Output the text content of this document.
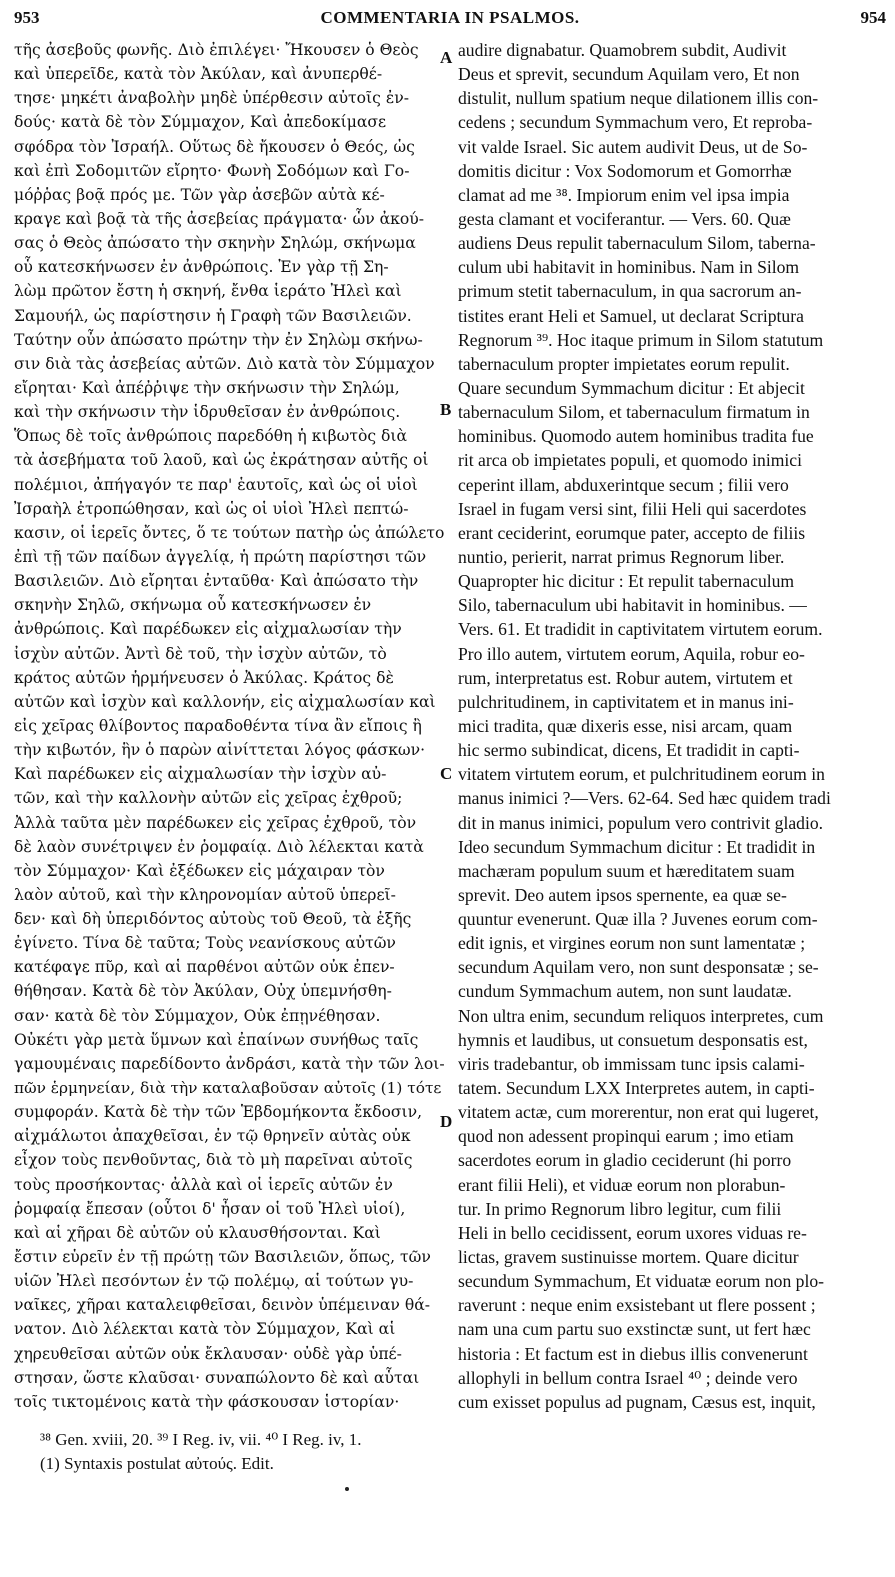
953	COMMENTARIA IN PSALMOS.	954
τῆς ἀσεβοῦς φωνῆς. Διὸ ἐπιλέγει· Ἤκουσεν ὁ Θεὸς
καὶ ὑπερεῖδε, κατὰ τὸν Ἀκύλαν, καὶ ἀνυπερθέ-
τησε· μηκέτι ἀναβολὴν μηδὲ ὑπέρθεσιν αὐτοῖς ἐν-
δούς· κατὰ δὲ τὸν Σύμμαχον, Καὶ ἀπεδοκίμασε
σφόδρα τὸν Ἰσραήλ. Οὕτως δὲ ἤκουσεν ὁ Θεός, ὡς
καὶ ἐπὶ Σοδομιτῶν εἴρητο· Φωνὴ Σοδόμων καὶ Γο-
μόῤῥας βοᾷ πρός με. Τῶν γὰρ ἀσεβῶν αὐτὰ κέ-
κραγε καὶ βοᾷ τὰ τῆς ἀσεβείας πράγματα· ὧν ἀκού-
σας ὁ Θεὸς ἀπώσατο τὴν σκηνὴν Σηλώμ, σκήνωμα
οὗ κατεσκήνωσεν ἐν ἀνθρώποις. Ἐν γὰρ τῇ Ση-
λὼμ πρῶτον ἔστη ἡ σκηνή, ἔνθα ἱεράτο Ἠλεὶ καὶ
Σαμουήλ, ὡς παρίστησιν ἡ Γραφὴ τῶν Βασιλειῶν.
Ταύτην οὖν ἀπώσατο πρώτην τὴν ἐν Σηλὼμ σκήνω-
σιν διὰ τὰς ἀσεβείας αὐτῶν. Διὸ κατὰ τὸν Σύμμαχον
εἴρηται· Καὶ ἀπέῤῥιψε τὴν σκήνωσιν τὴν Σηλώμ,
καὶ τὴν σκήνωσιν τὴν ἱδρυθεῖσαν ἐν ἀνθρώποις.
Ὅπως δὲ τοῖς ἀνθρώποις παρεδόθη ἡ κιβωτὸς διὰ
τὰ ἀσεβήματα τοῦ λαοῦ, καὶ ὡς ἐκράτησαν αὐτῆς οἱ
πολέμιοι, ἀπήγαγόν τε παρ' ἑαυτοῖς, καὶ ὡς οἱ υἱοὶ
Ἰσραὴλ ἐτροπώθησαν, καὶ ὡς οἱ υἱοὶ Ἠλεὶ πεπτώ-
κασιν, οἱ ἱερεῖς ὄντες, ὅ τε τούτων πατὴρ ὡς ἀπώλετο
ἐπὶ τῇ τῶν παίδων ἀγγελίᾳ, ἡ πρώτη παρίστησι τῶν
Βασιλειῶν. Διὸ εἴρηται ἐνταῦθα· Καὶ ἀπώσατο τὴν
σκηνὴν Σηλῶ, σκήνωμα οὗ κατεσκήνωσεν ἐν
ἀνθρώποις. Καὶ παρέδωκεν εἰς αἰχμαλωσίαν τὴν
ἰσχὺν αὐτῶν. Ἀντὶ δὲ τοῦ, τὴν ἰσχὺν αὐτῶν, τὸ
κράτος αὐτῶν ἡρμήνευσεν ὁ Ἀκύλας. Κράτος δὲ
αὐτῶν καὶ ἰσχὺν καὶ καλλονήν, εἰς αἰχμαλωσίαν καὶ
εἰς χεῖρας θλίβοντος παραδοθέντα τίνα ἂν εἴποις ἢ
τὴν κιβωτόν, ἣν ὁ παρὼν αἰνίττεται λόγος φάσκων·
Καὶ παρέδωκεν εἰς αἰχμαλωσίαν τὴν ἰσχὺν αὐ-
τῶν, καὶ τὴν καλλονὴν αὐτῶν εἰς χεῖρας ἐχθροῦ;
Ἀλλὰ ταῦτα μὲν παρέδωκεν εἰς χεῖρας ἐχθροῦ, τὸν
δὲ λαὸν συνέτριψεν ἐν ῥομφαίᾳ. Διὸ λέλεκται κατὰ
τὸν Σύμμαχον· Καὶ ἐξέδωκεν εἰς μάχαιραν τὸν
λαὸν αὐτοῦ, καὶ τὴν κληρονομίαν αὐτοῦ ὑπερεῖ-
δεν· καὶ δὴ ὑπεριδόντος αὐτοὺς τοῦ Θεοῦ, τὰ ἑξῆς
ἐγίνετο. Τίνα δὲ ταῦτα; Τοὺς νεανίσκους αὐτῶν
κατέφαγε πῦρ, καὶ αἱ παρθένοι αὐτῶν οὐκ ἐπεν-
θήθησαν. Κατὰ δὲ τὸν Ἀκύλαν, Οὐχ ὑπεμνήσθη-
σαν· κατὰ δὲ τὸν Σύμμαχον, Οὐκ ἐπῃνέθησαν.
Οὐκέτι γὰρ μετὰ ὕμνων καὶ ἐπαίνων συνήθως ταῖς
γαμουμέναις παρεδίδοντο ἀνδράσι, κατὰ τὴν τῶν λοι-
πῶν ἑρμηνείαν, διὰ τὴν καταλαβοῦσαν αὐτοῖς (1) τότε
συμφοράν. Κατὰ δὲ τὴν τῶν Ἑβδομήκοντα ἔκδοσιν,
αἰχμάλωτοι ἀπαχθεῖσαι, ἐν τῷ θρηνεῖν αὐτὰς οὐκ
εἶχον τοὺς πενθοῦντας, διὰ τὸ μὴ παρεῖναι αὐτοῖς
τοὺς προσήκοντας· ἀλλὰ καὶ οἱ ἱερεῖς αὐτῶν ἐν
ῥομφαίᾳ ἔπεσαν (οὗτοι δ' ἦσαν οἱ τοῦ Ἠλεὶ υἱοί),
καὶ αἱ χῆραι δὲ αὐτῶν οὐ κλαυσθήσονται. Καὶ
ἔστιν εὑρεῖν ἐν τῇ πρώτῃ τῶν Βασιλειῶν, ὅπως, τῶν
υἱῶν Ἠλεὶ πεσόντων ἐν τῷ πολέμῳ, αἱ τούτων γυ-
ναῖκες, χῆραι καταλειφθεῖσαι, δεινὸν ὑπέμειναν θά-
νατον. Διὸ λέλεκται κατὰ τὸν Σύμμαχον, Καὶ αἱ
χηρευθεῖσαι αὐτῶν οὐκ ἔκλαυσαν· οὐδὲ γὰρ ὑπέ-
στησαν, ὥστε κλαῦσαι· συναπώλοντο δὲ καὶ αὗται
τοῖς τικτομένοις κατὰ τὴν φάσκουσαν ἱστορίαν·
audire dignabatur. Quamobrem subdit, Audivit
Deus et sprevit, secundum Aquilam vero, Et non
distulit, nullum spatium neque dilationem illis con-
cedens ; secundum Symmachum vero, Et reproba-
vit valde Israel. Sic autem audivit Deus, ut de So-
domitis dicitur : Vox Sodomorum et Gomorrhæ
clamat ad me ³⁸. Impiorum enim vel ipsa impia
gesta clamant et vociferantur. — Vers. 60. Quæ
audiens Deus repulit tabernaculum Silom, taberna-
culum ubi habitavit in hominibus. Nam in Silom
primum stetit tabernaculum, in qua sacrorum an-
tistites erant Heli et Samuel, ut declarat Scriptura
Regnorum ³⁹. Hoc itaque primum in Silom statutum
tabernaculum propter impietates eorum repulit.
Quare secundum Symmachum dicitur : Et abjecit
tabernaculum Silom, et tabernaculum firmatum in
hominibus. Quomodo autem hominibus tradita fue
rit arca ob impietates populi, et quomodo inimici
ceperint illam, abduxerintque secum ; filii vero
Israel in fugam versi sint, filii Heli qui sacerdotes
erant ceciderint, eorumque pater, accepto de filiis
nuntio, perierit, narrat primus Regnorum liber.
Quapropter hic dicitur : Et repulit tabernaculum
Silo, tabernaculum ubi habitavit in hominibus. —
Vers. 61. Et tradidit in captivitatem virtutem eorum.
Pro illo autem, virtutem eorum, Aquila, robur eo-
rum, interpretatus est. Robur autem, virtutem et
pulchritudinem, in captivitatem et in manus ini-
mici tradita, quæ dixeris esse, nisi arcam, quam
hic sermo subindicat, dicens, Et tradidit in capti-
vitatem virtutem eorum, et pulchritudinem eorum in
manus inimici ?—Vers. 62-64. Sed hæc quidem tradi
dit in manus inimici, populum vero contrivit gladio.
Ideo secundum Symmachum dicitur : Et tradidit in
machæram populum suum et hæreditatem suam
sprevit. Deo autem ipsos spernente, ea quæ se-
quuntur evenerunt. Quæ illa ? Juvenes eorum com-
edit ignis, et virgines eorum non sunt lamentatæ ;
secundum Aquilam vero, non sunt desponsatæ ; se-
cundum Symmachum autem, non sunt laudatæ.
Non ultra enim, secundum reliquos interpretes, cum
hymnis et laudibus, ut consuetum desponsatis est,
viris tradebantur, ob immissam tunc ipsis calami-
tatem. Secundum LXX Interpretes autem, in capti-
vitatem actæ, cum morerentur, non erat qui lugeret,
quod non adessent propinqui earum ; imo etiam
sacerdotes eorum in gladio ceciderunt (hi porro
erant filii Heli), et viduæ eorum non plorabun-
tur. In primo Regnorum libro legitur, cum filii
Heli in bello cecidissent, eorum uxores viduas re-
lictas, gravem sustinuisse mortem. Quare dicitur
secundum Symmachum, Et viduatæ eorum non plo-
raverunt : neque enim exsistebant ut flere possent ;
nam una cum partu suo exstinctæ sunt, ut fert hæc
historia : Et factum est in diebus illis convenerunt
allophyli in bellum contra Israel ⁴⁰ ; deinde vero
cum exisset populus ad pugnam, Cæsus est, inquit,
A
B
C
D
³⁸ Gen. xviii, 20. ³⁹ I Reg. iv, vii. ⁴⁰ I Reg. iv, 1.
(1) Syntaxis postulat αὐτούς. Edit.
